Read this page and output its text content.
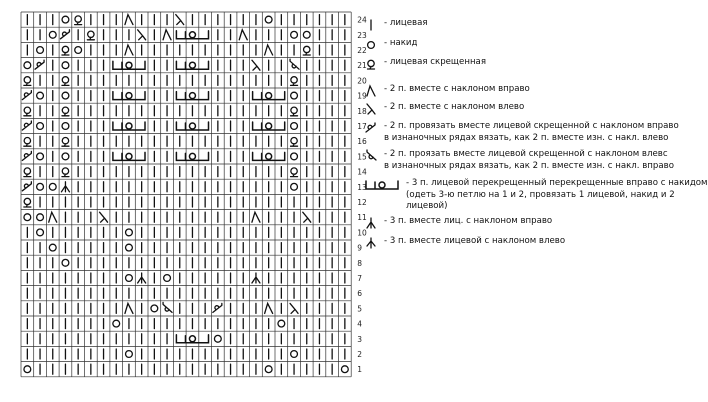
24
23
22
21
20
19
18
17
16
15
14
13
12
11
10
9
8
7
6
5
4
3
2
1
- лицевая
- накид
- лицевая скрещенная
- 2 п. вместе с наклоном вправо
- 2 п. вместе с наклоном влево
- 2 п. провязать вместе лицевой скрещенной с наклоном вправо
в изнаночных рядах вязать, как 2 п. вместе изн. с накл. влево
- 2 п. проязать вместе лицевой скрещенной с наклоном влевс
в изнаночных рядах вязать, как 2 п. вместе изн. с накл. вправо
- 3 п. лицевой перекрещенный перекрещенные вправо с накидом
(одеть 3-ю петлю на 1 и 2, провязать 1 лицевой, накид и 2
лицевой)
- 3 п. вместе лиц. с наклоном вправо
- 3 п. вместе лицевой с наклоном влево
